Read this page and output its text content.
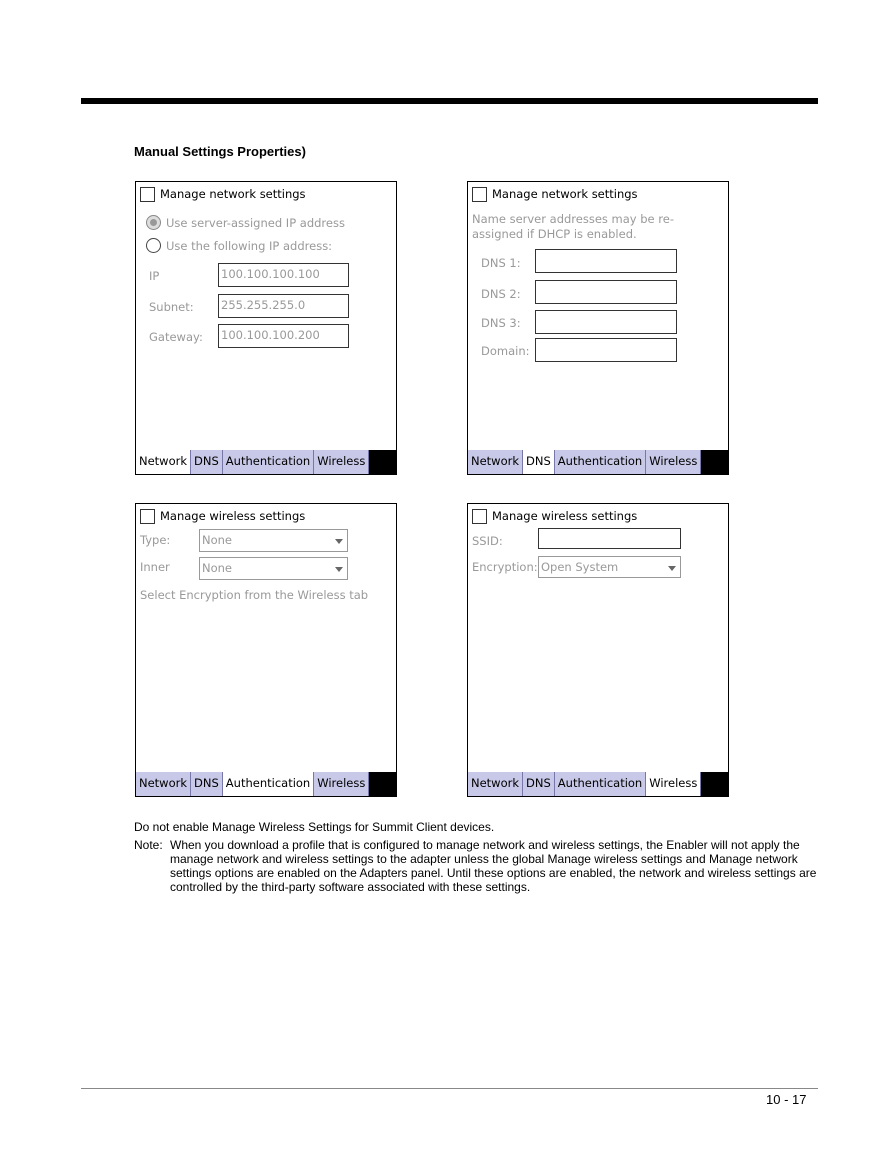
Manual Settings Properties)
Manage network settings
Use server-assigned IP address
Use the following IP address:
IP	100.100.100.100
Subnet: 255.255.255.0
Gateway: 100.100.100.200
Network DNS Authentication Wireless
Manage network settings
Name server addresses may be re-
assigned if DHCP is enabled.
DNS 1:
DNS 2:
DNS 3:
Domain:
Network DNS Authentication Wireless
Manage wireless settings
Type:	None
Inner	None
Select Encryption from the Wireless tab
Network DNS Authentication Wireless
Manage wireless settings
SSID:
Encryption: Open System
Network DNS Authentication Wireless
Do not enable Manage Wireless Settings for Summit Client devices.
Note: When you download a profile that is configured to manage network and wireless settings, the Enabler will not apply the manage network and wireless settings to the adapter unless the global Manage wireless settings and Manage network settings options are enabled on the Adapters panel. Until these options are enabled, the network and wireless settings are controlled by the third-party software associated with these settings.
10 - 17
